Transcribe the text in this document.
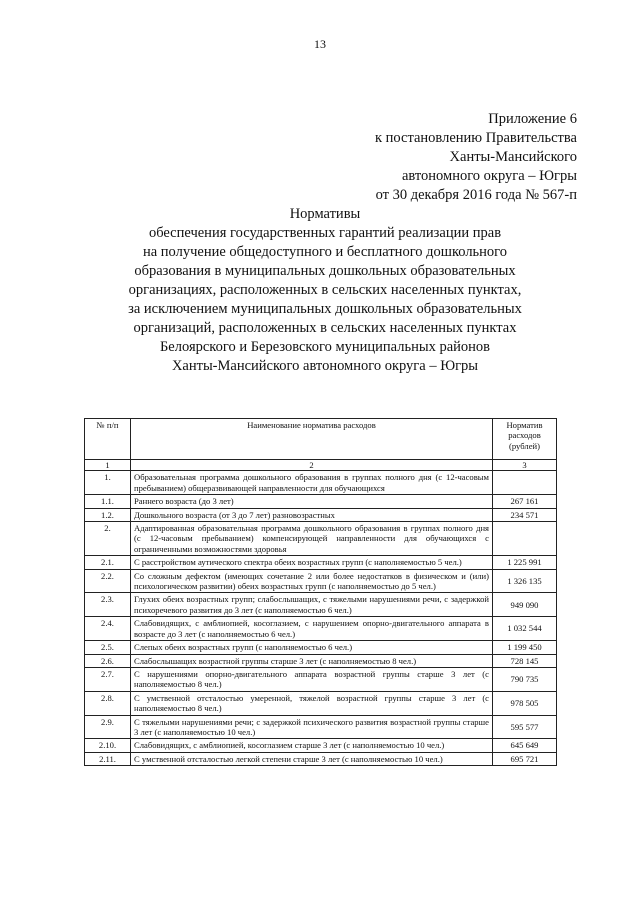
13
Приложение 6
к постановлению Правительства
Ханты-Мансийского
автономного округа – Югры
от 30 декабря 2016 года № 567-п
Нормативы
обеспечения государственных гарантий реализации прав
на получение общедоступного и бесплатного дошкольного
образования в муниципальных дошкольных образовательных
организациях, расположенных в сельских населенных пунктах,
за исключением муниципальных дошкольных образовательных
организаций, расположенных в сельских населенных пунктах
Белоярского и Березовского муниципальных районов
Ханты-Мансийского автономного округа – Югры
№ п/п	Наименование норматива расходов	Норматив расходов (рублей)
1	2	3
1.	Образовательная программа дошкольного образования в группах полного дня (с 12-часовым пребыванием) общеразвивающей направленности для обучающихся	
1.1.	Раннего возраста (до 3 лет)	267 161
1.2.	Дошкольного возраста (от 3 до 7 лет) разновозрастных	234 571
2.	Адаптированная образовательная программа дошкольного образования в группах полного дня (с 12-часовым пребыванием) компенсирующей направленности для обучающихся с ограниченными возможностями здоровья	
2.1.	С расстройством аутического спектра обеих возрастных групп (с наполняемостью 5 чел.)	1 225 991
2.2.	Со сложным дефектом (имеющих сочетание 2 или более недостатков в физическом и (или) психологическом развитии) обеих возрастных групп (с наполняемостью до 5 чел.)	1 326 135
2.3.	Глухих обеих возрастных групп; слабослышащих, с тяжелыми нарушениями речи, с задержкой психоречевого развития до 3 лет (с наполняемостью 6 чел.)	949 090
2.4.	Слабовидящих, с амблиопией, косоглазием, с нарушением опорно-двигательного аппарата в возрасте до 3 лет (с наполняемостью 6 чел.)	1 032 544
2.5.	Слепых обеих возрастных групп (с наполняемостью 6 чел.)	1 199 450
2.6.	Слабослышащих возрастной группы старше 3 лет (с наполняемостью 8 чел.)	728 145
2.7.	С нарушениями опорно-двигательного аппарата возрастной группы старше 3 лет (с наполняемостью 8 чел.)	790 735
2.8.	С умственной отсталостью умеренной, тяжелой возрастной группы старше 3 лет (с наполняемостью 8 чел.)	978 505
2.9.	С тяжелыми нарушениями речи; с задержкой психического развития возрастной группы старше 3 лет (с наполняемостью 10 чел.)	595 577
2.10.	Слабовидящих, с амблиопией, косоглазием старше 3 лет (с наполняемостью 10 чел.)	645 649
2.11.	С умственной отсталостью легкой степени старше 3 лет (с наполняемостью 10 чел.)	695 721
